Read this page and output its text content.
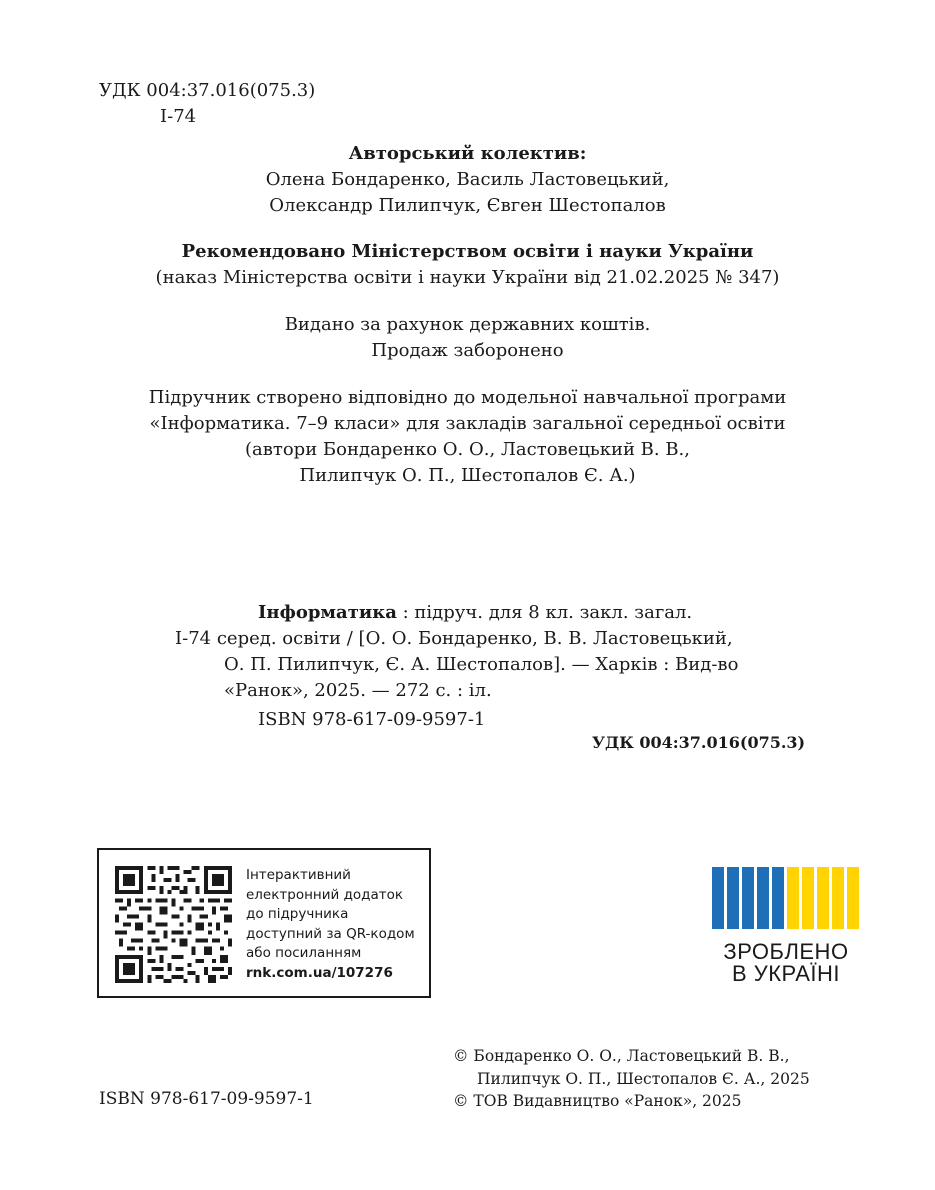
УДК 004:37.016(075.3)
І-74
Авторський колектив:
Олена Бондаренко, Василь Ластовецький,
Олександр Пилипчук, Євген Шестопалов
Рекомендовано Міністерством освіти і науки України
(наказ Міністерства освіти і науки України від 21.02.2025 № 347)
Видано за рахунок державних коштів.
Продаж заборонено
Підручник створено відповідно до модельної навчальної програми
«Інформатика. 7–9 класи» для закладів загальної середньої освіти
(автори Бондаренко О. О., Ластовецький В. В.,
Пилипчук О. П., Шестопалов Є. А.)
Інформатика : підруч. для 8 кл. закл. загал.
І-74 серед. освіти / [О. О. Бондаренко, В. В. Ластовецький,
О. П. Пилипчук, Є. А. Шестопалов]. — Харків : Вид-во
«Ранок», 2025. — 272 с. : іл.
ISBN 978-617-09-9597-1
УДК 004:37.016(075.3)
Інтерактивний
електронний додаток
до підручника
доступний за QR-кодом
або посиланням
rnk.com.ua/107276
ЗРОБЛЕНО
В УКРАЇНІ
ISBN 978-617-09-9597-1
© Бондаренко О. О., Ластовецький В. В.,
Пилипчук О. П., Шестопалов Є. А., 2025
© ТОВ Видавництво «Ранок», 2025
